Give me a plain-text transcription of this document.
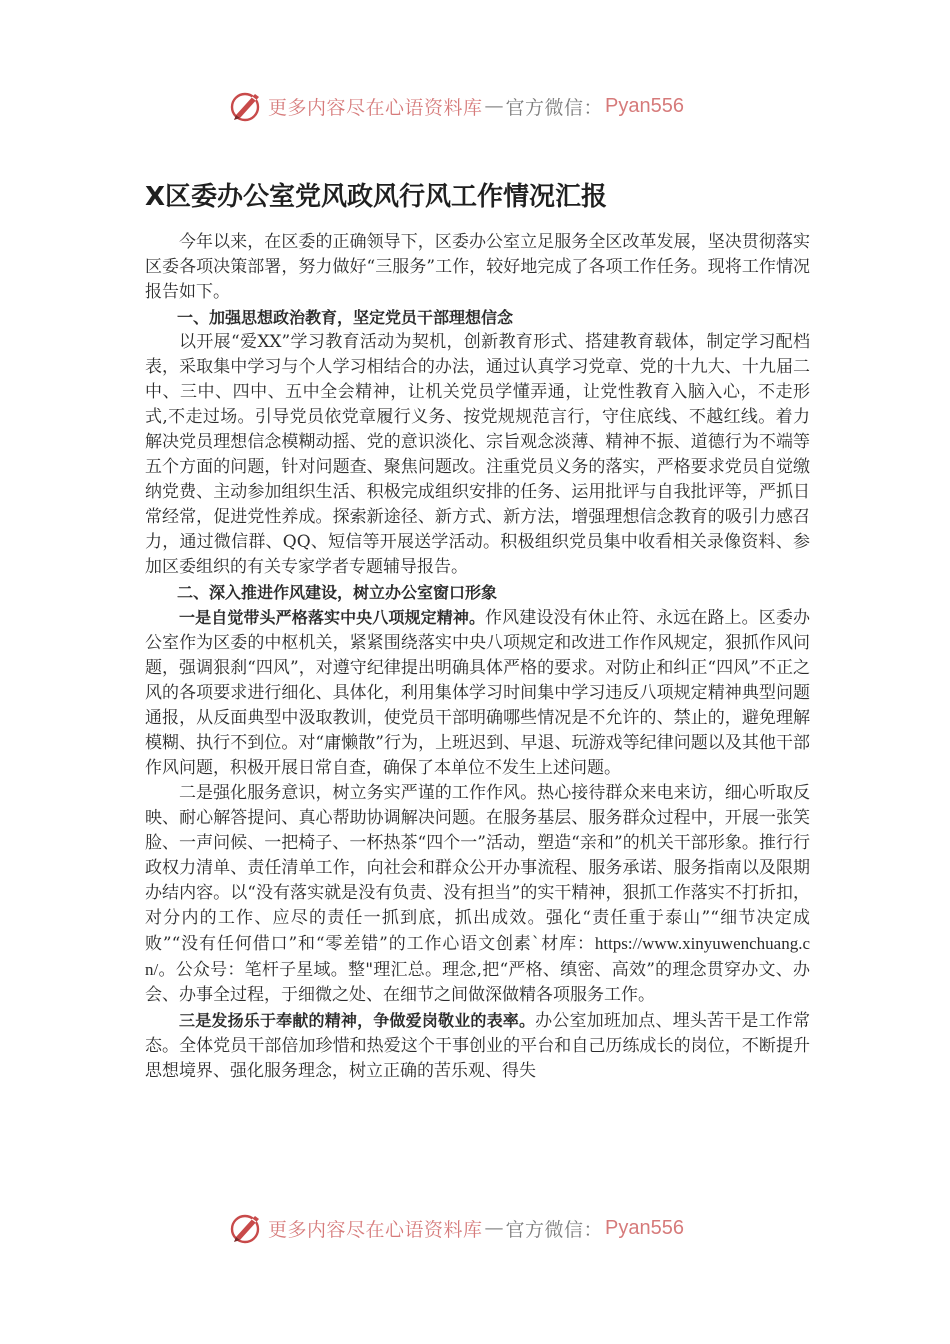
更多内容尽在心语资料库 — 官方微信： Pyan556
X区委办公室党风政风行风工作情况汇报

今年以来，在区委的正确领导下，区委办公室立足服务全区改革发展，坚决贯彻落实区委各项决策部署，努力做好“三服务”工作，较好地完成了各项工作任务。现将工作情况报告如下。

一、加强思想政治教育，坚定党员干部理想信念

以开展“爱XX”学习教育活动为契机，创新教育形式、搭建教育载体，制定学习配档表，采取集中学习与个人学习相结合的办法，通过认真学习党章、党的十九大、十九届二中、三中、四中、五中全会精神，让机关党员学懂弄通，让党性教育入脑入心，不走形式,不走过场。引导党员依党章履行义务、按党规规范言行，守住底线、不越红线。着力解决党员理想信念模糊动摇、党的意识淡化、宗旨观念淡薄、精神不振、道德行为不端等五个方面的问题，针对问题查、聚焦问题改。注重党员义务的落实，严格要求党员自觉缴纳党费、主动参加组织生活、积极完成组织安排的任务、运用批评与自我批评等，严抓日常经常，促进党性养成。探索新途径、新方式、新方法，增强理想信念教育的吸引力感召力，通过微信群、QQ、短信等开展送学活动。积极组织党员集中收看相关录像资料、参加区委组织的有关专家学者专题辅导报告。

二、深入推进作风建设，树立办公室窗口形象

一是自觉带头严格落实中央八项规定精神。作风建设没有休止符、永远在路上。区委办公室作为区委的中枢机关，紧紧围绕落实中央八项规定和改进工作作风规定，狠抓作风问题，强调狠刹“四风”，对遵守纪律提出明确具体严格的要求。对防止和纠正“四风”不正之风的各项要求进行细化、具体化，利用集体学习时间集中学习违反八项规定精神典型问题通报，从反面典型中汲取教训，使党员干部明确哪些情况是不允许的、禁止的，避免理解模糊、执行不到位。对“庸懒散”行为，上班迟到、早退、玩游戏等纪律问题以及其他干部作风问题，积极开展日常自查，确保了本单位不发生上述问题。

二是强化服务意识，树立务实严谨的工作作风。热心接待群众来电来访，细心听取反映、耐心解答提问、真心帮助协调解决问题。在服务基层、服务群众过程中，开展一张笑脸、一声问候、一把椅子、一杯热茶“四个一”活动，塑造“亲和”的机关干部形象。推行行政权力清单、责任清单工作，向社会和群众公开办事流程、服务承诺、服务指南以及限期办结内容。以“没有落实就是没有负责、没有担当”的实干精神，狠抓工作落实不打折扣，对分内的工作、应尽的责任一抓到底，抓出成效。强化“责任重于泰山”“细节决定成败”“没有任何借口”和“零差错”的工作心语文创素`材库：https://www.xinyuwenchuang.cn/。公众号：笔杆子星域。整"理汇总。理念,把“严格、缜密、高效”的理念贯穿办文、办会、办事全过程，于细微之处、在细节之间做深做精各项服务工作。

三是发扬乐于奉献的精神，争做爱岗敬业的表率。办公室加班加点、埋头苦干是工作常态。全体党员干部倍加珍惜和热爱这个干事创业的平台和自己历练成长的岗位，不断提升思想境界、强化服务理念，树立正确的苦乐观、得失

更多内容尽在心语资料库 — 官方微信： Pyan556
